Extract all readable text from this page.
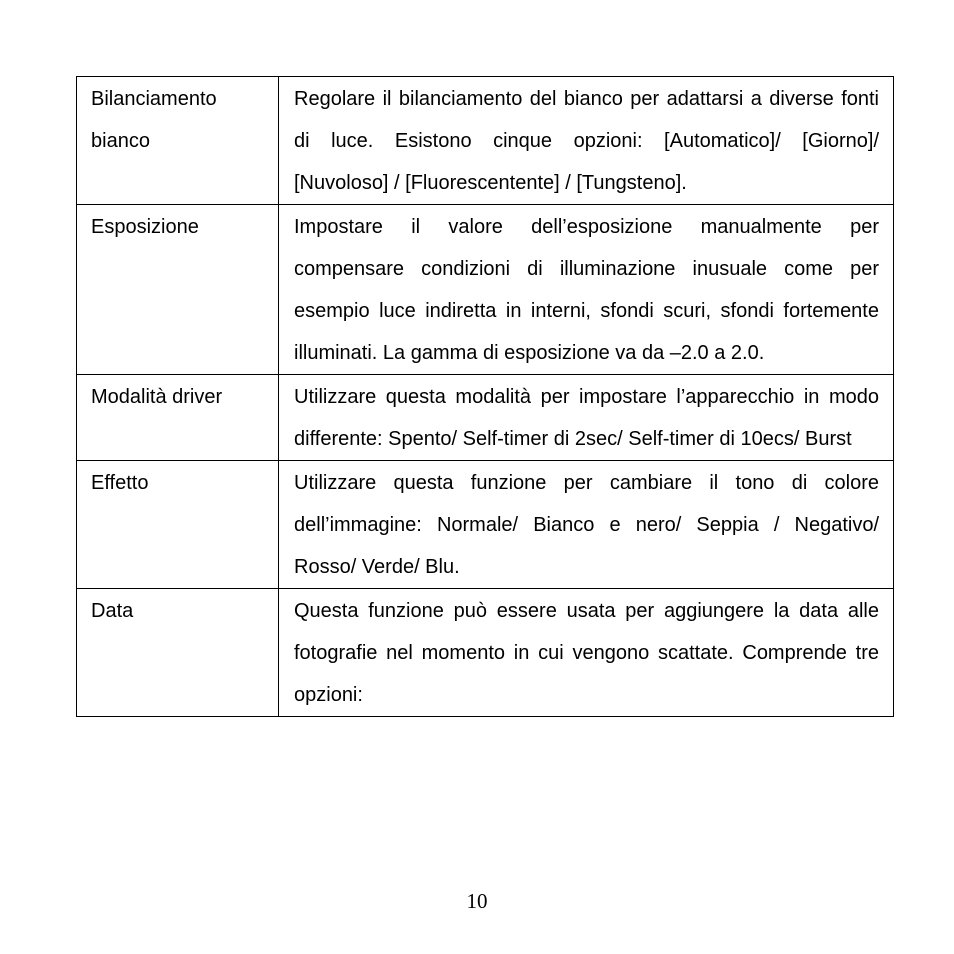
Bilanciamento bianco	Regolare il bilanciamento del bianco per adattarsi a diverse fonti di luce. Esistono cinque opzioni: [Automatico]/ [Giorno]/ [Nuvoloso] / [Fluorescentente] / [Tungsteno].

Esposizione	Impostare il valore dell’esposizione manualmente per compensare condizioni di illuminazione inusuale come per esempio luce indiretta in interni, sfondi scuri, sfondi fortemente illuminati. La gamma di esposizione va da –2.0 a 2.0.

Modalità driver	Utilizzare questa modalità per impostare l’apparecchio in modo differente: Spento/ Self-timer di 2sec/ Self-timer di 10ecs/ Burst

Effetto	Utilizzare questa funzione per cambiare il tono di colore dell’immagine: Normale/ Bianco e nero/ Seppia / Negativo/ Rosso/ Verde/ Blu.

Data	Questa funzione può essere usata per aggiungere la data alle fotografie nel momento in cui vengono scattate. Comprende tre opzioni:
10
